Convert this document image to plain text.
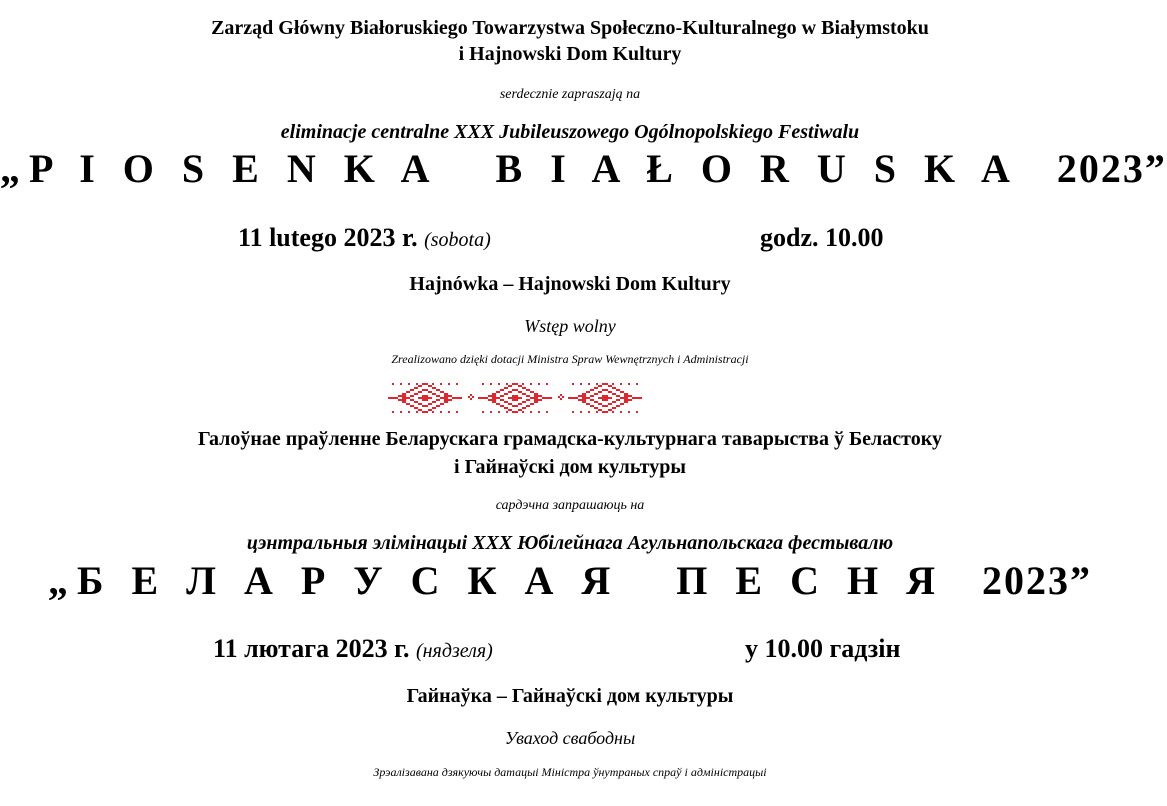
Zarząd Główny Białoruskiego Towarzystwa Społeczno-Kulturalnego w Białymstoku
i Hajnowski Dom Kultury
serdecznie zapraszają na
eliminacje centralne XXX Jubileuszowego Ogólnopolskiego Festiwalu
„P I O S E N K A B I A Ł O R U S K A 2023”
11 lutego 2023 r. (sobota)	godz. 10.00
Hajnówka – Hajnowski Dom Kultury
Wstęp wolny
Zrealizowano dzięki dotacji Ministra Spraw Wewnętrznych i Administracji
Галоўнае праўленне Беларускага грамадска-культурнага таварыства ў Беластоку
і Гайнаўскі дом культуры
сардэчна запрашаюць на
цэнтральныя элімінацыі XXX Юбілейнага Агульнапольскага фестывалю
„Б Е Л А Р У С К А Я П Е С Н Я 2023”
11 лютага 2023 г. (нядзеля)	у 10.00 гадзін
Гайнаўка – Гайнаўскі дом культуры
Уваход свабодны
Зрэалізавана дзякуючы датацыі Міністра ўнутраных спраў і адміністрацыі
